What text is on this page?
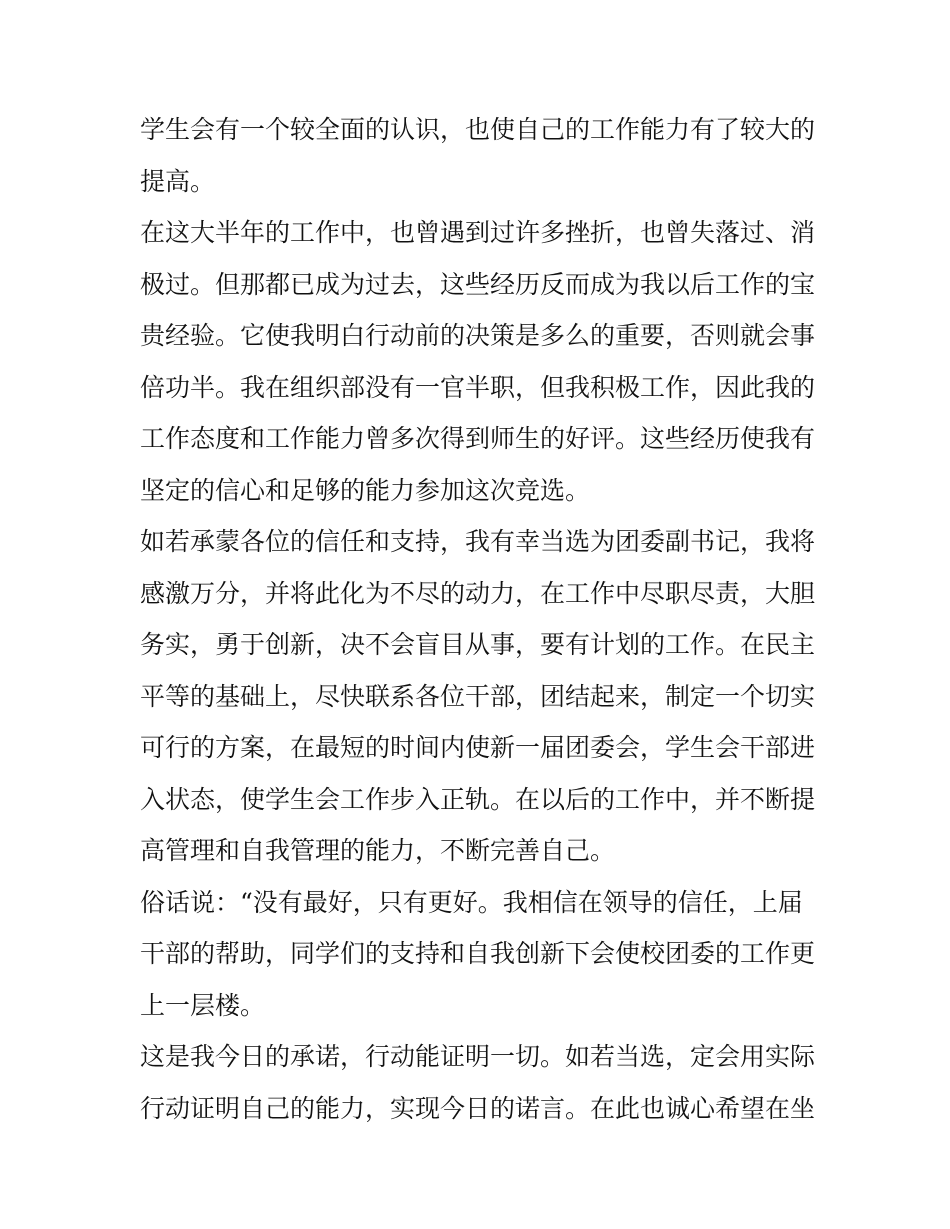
学生会有一个较全面的认识，也使自己的工作能力有了较大的
提高。
在这大半年的工作中，也曾遇到过许多挫折，也曾失落过、消
极过。但那都已成为过去，这些经历反而成为我以后工作的宝
贵经验。它使我明白行动前的决策是多么的重要，否则就会事
倍功半。我在组织部没有一官半职，但我积极工作，因此我的
工作态度和工作能力曾多次得到师生的好评。这些经历使我有
坚定的信心和足够的能力参加这次竞选。
如若承蒙各位的信任和支持，我有幸当选为团委副书记，我将
感激万分，并将此化为不尽的动力，在工作中尽职尽责，大胆
务实，勇于创新，决不会盲目从事，要有计划的工作。在民主
平等的基础上，尽快联系各位干部，团结起来，制定一个切实
可行的方案，在最短的时间内使新一届团委会，学生会干部进
入状态，使学生会工作步入正轨。在以后的工作中，并不断提
高管理和自我管理的能力，不断完善自己。
俗话说：“没有最好，只有更好。我相信在领导的信任，上届
干部的帮助，同学们的支持和自我创新下会使校团委的工作更
上一层楼。
这是我今日的承诺，行动能证明一切。如若当选，定会用实际
行动证明自己的能力，实现今日的诺言。在此也诚心希望在坐
